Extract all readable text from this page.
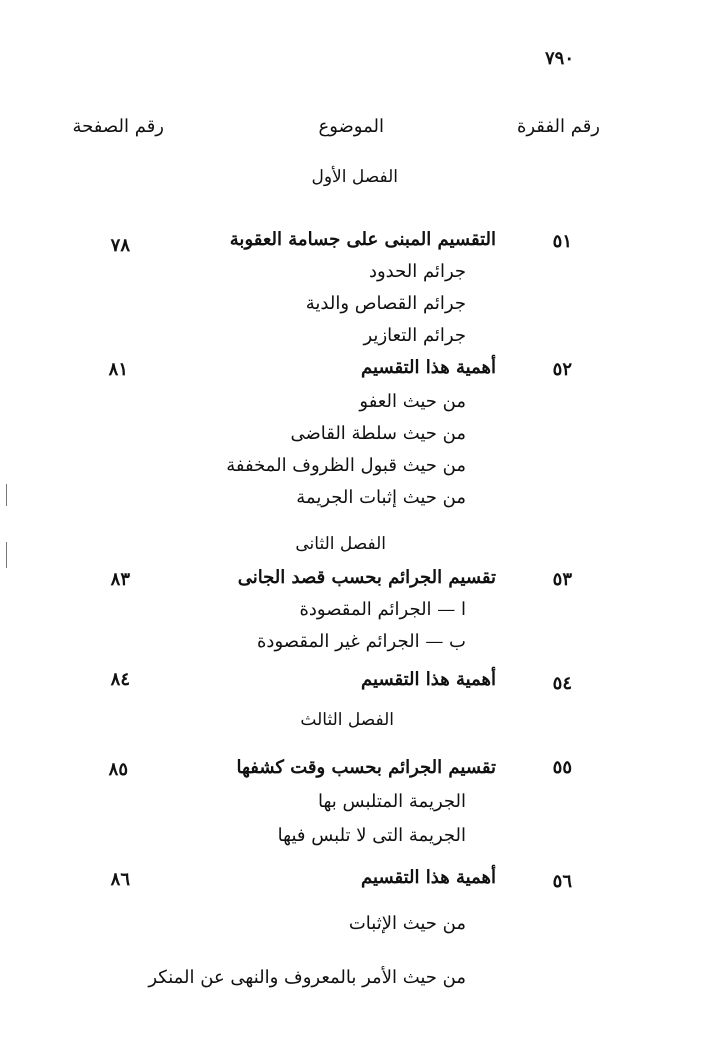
٧٩٠
رقم الفقرة
الموضوع
رقم الصفحة
الفصل الأول
٥١
التقسيم المبنى على جسامة العقوبة
٧٨
جرائم الحدود
جرائم القصاص والدية
جرائم التعازير
٥٢
أهمية هذا التقسيم
٨١
من حيث العفو
من حيث سلطة القاضى
من حيث قبول الظروف المخففة
من حيث إثبات الجريمة
الفصل الثانى
٥٣
تقسيم الجرائم بحسب قصد الجانى
٨٣
ا — الجرائم المقصودة
ب — الجرائم غير المقصودة
٥٤
أهمية هذا التقسيم
٨٤
الفصل الثالث
٥٥
تقسيم الجرائم بحسب وقت كشفها
٨٥
الجريمة المتلبس بها
الجريمة التى لا تلبس فيها
٥٦
أهمية هذا التقسيم
٨٦
من حيث الإثبات
من حيث الأمر بالمعروف والنهى عن المنكر
